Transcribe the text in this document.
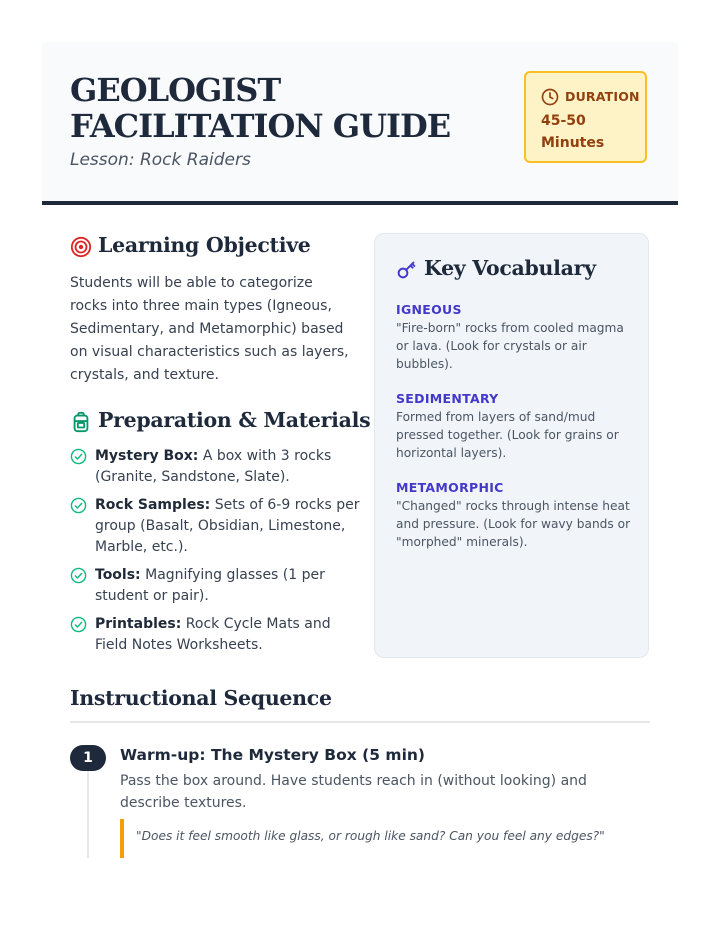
GEOLOGIST FACILITATION GUIDE
Lesson: Rock Raiders
DURATION
45-50 Minutes
Learning Objective

Students will be able to categorize rocks into three main types (Igneous, Sedimentary, and Metamorphic) based on visual characteristics such as layers, crystals, and texture.

Preparation & Materials
Mystery Box: A box with 3 rocks (Granite, Sandstone, Slate).
Rock Samples: Sets of 6-9 rocks per group (Basalt, Obsidian, Limestone, Marble, etc.).
Tools: Magnifying glasses (1 per student or pair).
Printables: Rock Cycle Mats and Field Notes Worksheets.
Key Vocabulary

IGNEOUS

"Fire-born" rocks from cooled magma or lava. (Look for crystals or air bubbles).

SEDIMENTARY

Formed from layers of sand/mud pressed together. (Look for grains or horizontal layers).

METAMORPHIC

"Changed" rocks through intense heat and pressure. (Look for wavy bands or "morphed" minerals).

Instructional Sequence
1	Warm-up: The Mystery Box (5 min)

Pass the box around. Have students reach in (without looking) and describe textures.

"Does it feel smooth like glass, or rough like sand? Can you feel any edges?"
